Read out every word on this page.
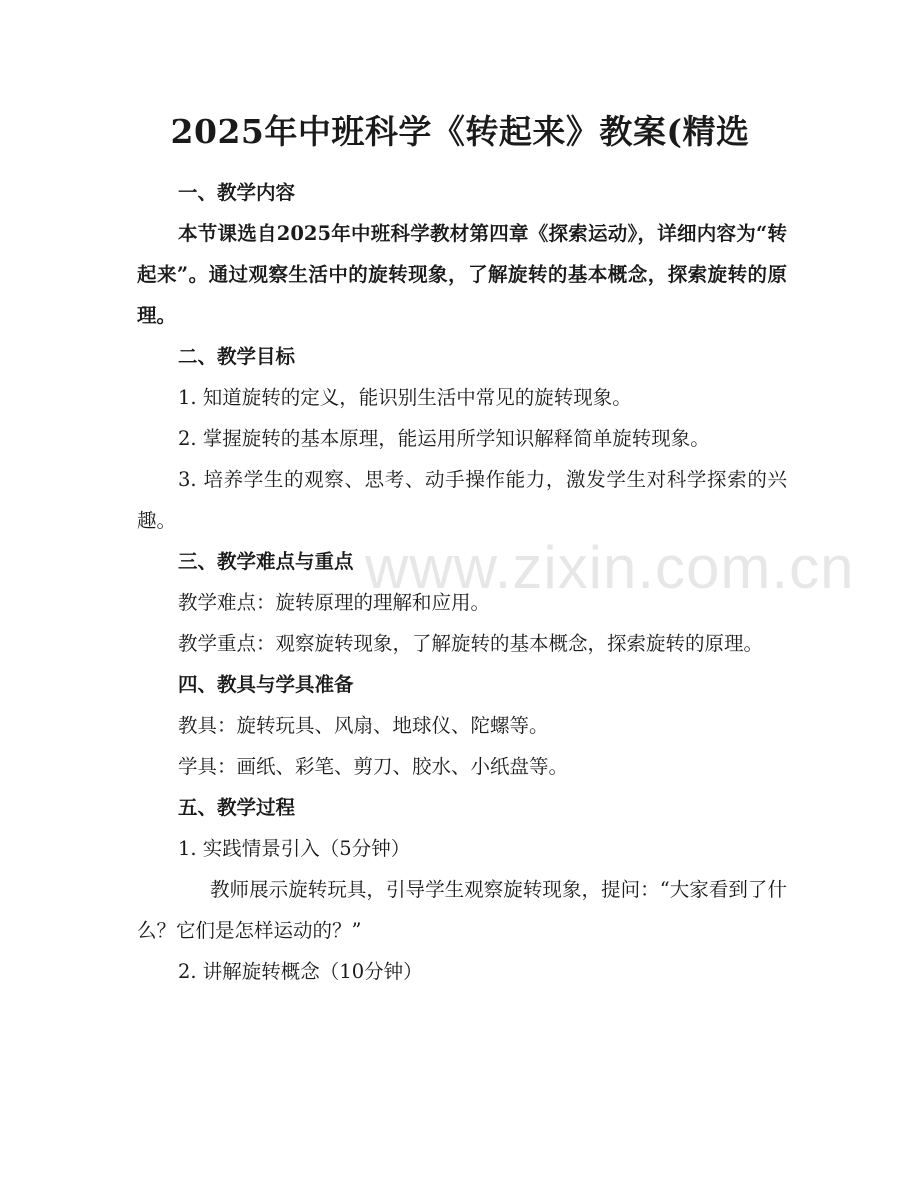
www.zixin.com.cn
2025年中班科学《转起来》教案(精选

一、教学内容

本节课选自2025年中班科学教材第四章《探索运动》，详细内容为“转起来”。通过观察生活中的旋转现象，了解旋转的基本概念，探索旋转的原理。

二、教学目标

1. 知道旋转的定义，能识别生活中常见的旋转现象。

2. 掌握旋转的基本原理，能运用所学知识解释简单旋转现象。

3. 培养学生的观察、思考、动手操作能力，激发学生对科学探索的兴趣。

三、教学难点与重点

教学难点：旋转原理的理解和应用。

教学重点：观察旋转现象，了解旋转的基本概念，探索旋转的原理。

四、教具与学具准备

教具：旋转玩具、风扇、地球仪、陀螺等。

学具：画纸、彩笔、剪刀、胶水、小纸盘等。

五、教学过程

1. 实践情景引入（5分钟）

教师展示旋转玩具，引导学生观察旋转现象，提问：“大家看到了什么？它们是怎样运动的？”

2. 讲解旋转概念（10分钟）
